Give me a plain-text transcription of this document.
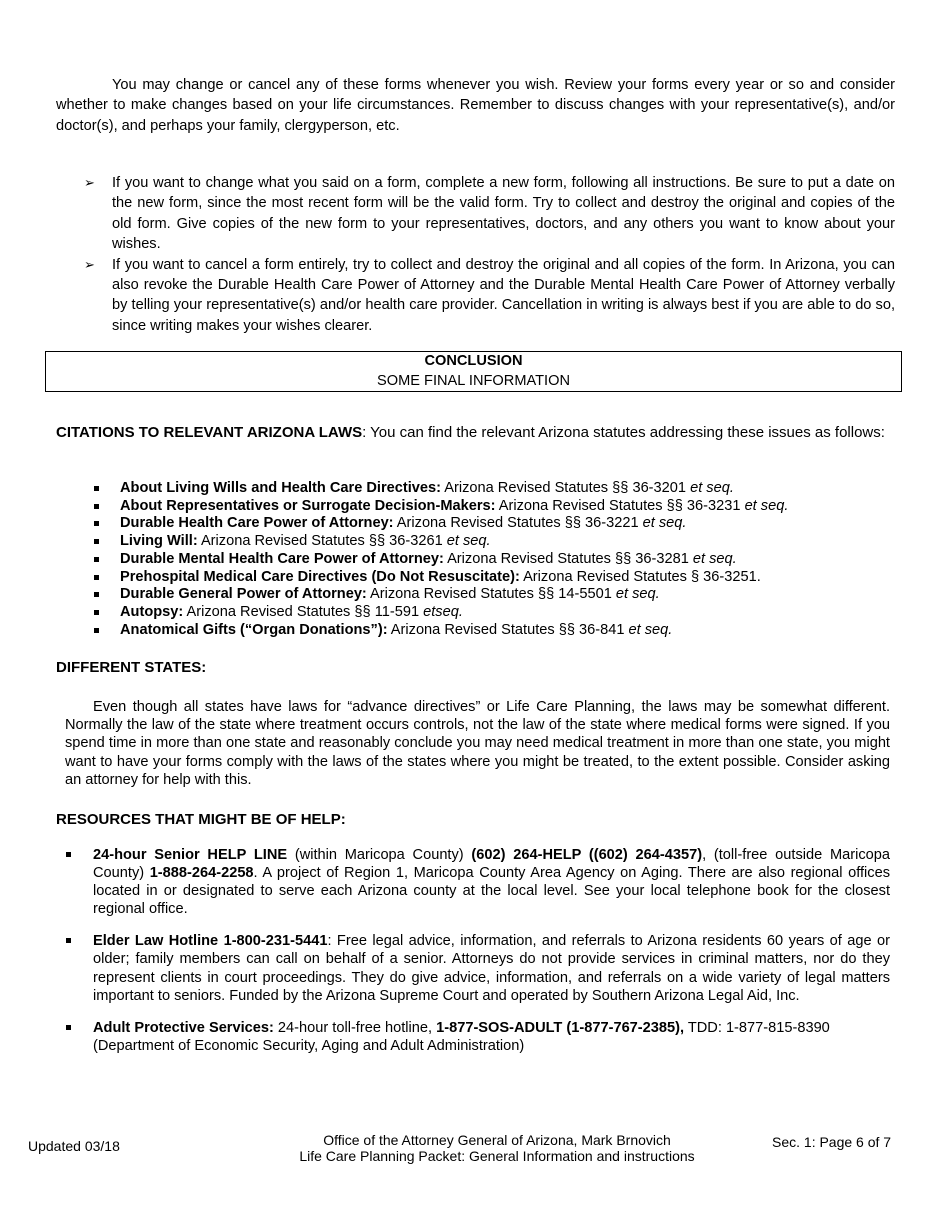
You may change or cancel any of these forms whenever you wish. Review your forms every year or so and consider whether to make changes based on your life circumstances. Remember to discuss changes with your representative(s), and/or doctor(s), and perhaps your family, clergyperson, etc.
➢ If you want to change what you said on a form, complete a new form, following all instructions. Be sure to put a date on the new form, since the most recent form will be the valid form. Try to collect and destroy the original and copies of the old form. Give copies of the new form to your representatives, doctors, and any others you want to know about your wishes.
➢ If you want to cancel a form entirely, try to collect and destroy the original and all copies of the form. In Arizona, you can also revoke the Durable Health Care Power of Attorney and the Durable Mental Health Care Power of Attorney verbally by telling your representative(s) and/or health care provider. Cancellation in writing is always best if you are able to do so, since writing makes your wishes clearer.
CONCLUSION
SOME FINAL INFORMATION
CITATIONS TO RELEVANT ARIZONA LAWS: You can find the relevant Arizona statutes addressing these issues as follows:
About Living Wills and Health Care Directives: Arizona Revised Statutes §§ 36-3201 et seq.
About Representatives or Surrogate Decision-Makers: Arizona Revised Statutes §§ 36-3231 et seq.
Durable Health Care Power of Attorney: Arizona Revised Statutes §§ 36-3221 et seq.
Living Will: Arizona Revised Statutes §§ 36-3261 et seq.
Durable Mental Health Care Power of Attorney: Arizona Revised Statutes §§ 36-3281 et seq.
Prehospital Medical Care Directives (Do Not Resuscitate): Arizona Revised Statutes § 36-3251.
Durable General Power of Attorney: Arizona Revised Statutes §§ 14-5501 et seq.
Autopsy: Arizona Revised Statutes §§ 11-591 etseq.
Anatomical Gifts (“Organ Donations”): Arizona Revised Statutes §§ 36-841 et seq.
DIFFERENT STATES:
Even though all states have laws for “advance directives” or Life Care Planning, the laws may be somewhat different. Normally the law of the state where treatment occurs controls, not the law of the state where medical forms were signed. If you spend time in more than one state and reasonably conclude you may need medical treatment in more than one state, you might want to have your forms comply with the laws of the states where you might be treated, to the extent possible. Consider asking an attorney for help with this.
RESOURCES THAT MIGHT BE OF HELP:
24-hour Senior HELP LINE (within Maricopa County) (602) 264-HELP ((602) 264-4357), (toll-free outside Maricopa County) 1-888-264-2258. A project of Region 1, Maricopa County Area Agency on Aging. There are also regional offices located in or designated to serve each Arizona county at the local level. See your local telephone book for the closest regional office.
Elder Law Hotline 1-800-231-5441: Free legal advice, information, and referrals to Arizona residents 60 years of age or older; family members can call on behalf of a senior. Attorneys do not provide services in criminal matters, nor do they represent clients in court proceedings. They do give advice, information, and referrals on a wide variety of legal matters important to seniors. Funded by the Arizona Supreme Court and operated by Southern Arizona Legal Aid, Inc.
Adult Protective Services: 24-hour toll-free hotline, 1-877-SOS-ADULT (1-877-767-2385), TDD: 1-877-815-8390 (Department of Economic Security, Aging and Adult Administration)
Updated 03/18	Office of the Attorney General of Arizona, Mark Brnovich
Life Care Planning Packet: General Information and instructions
Sec. 1: Page 6 of 7
